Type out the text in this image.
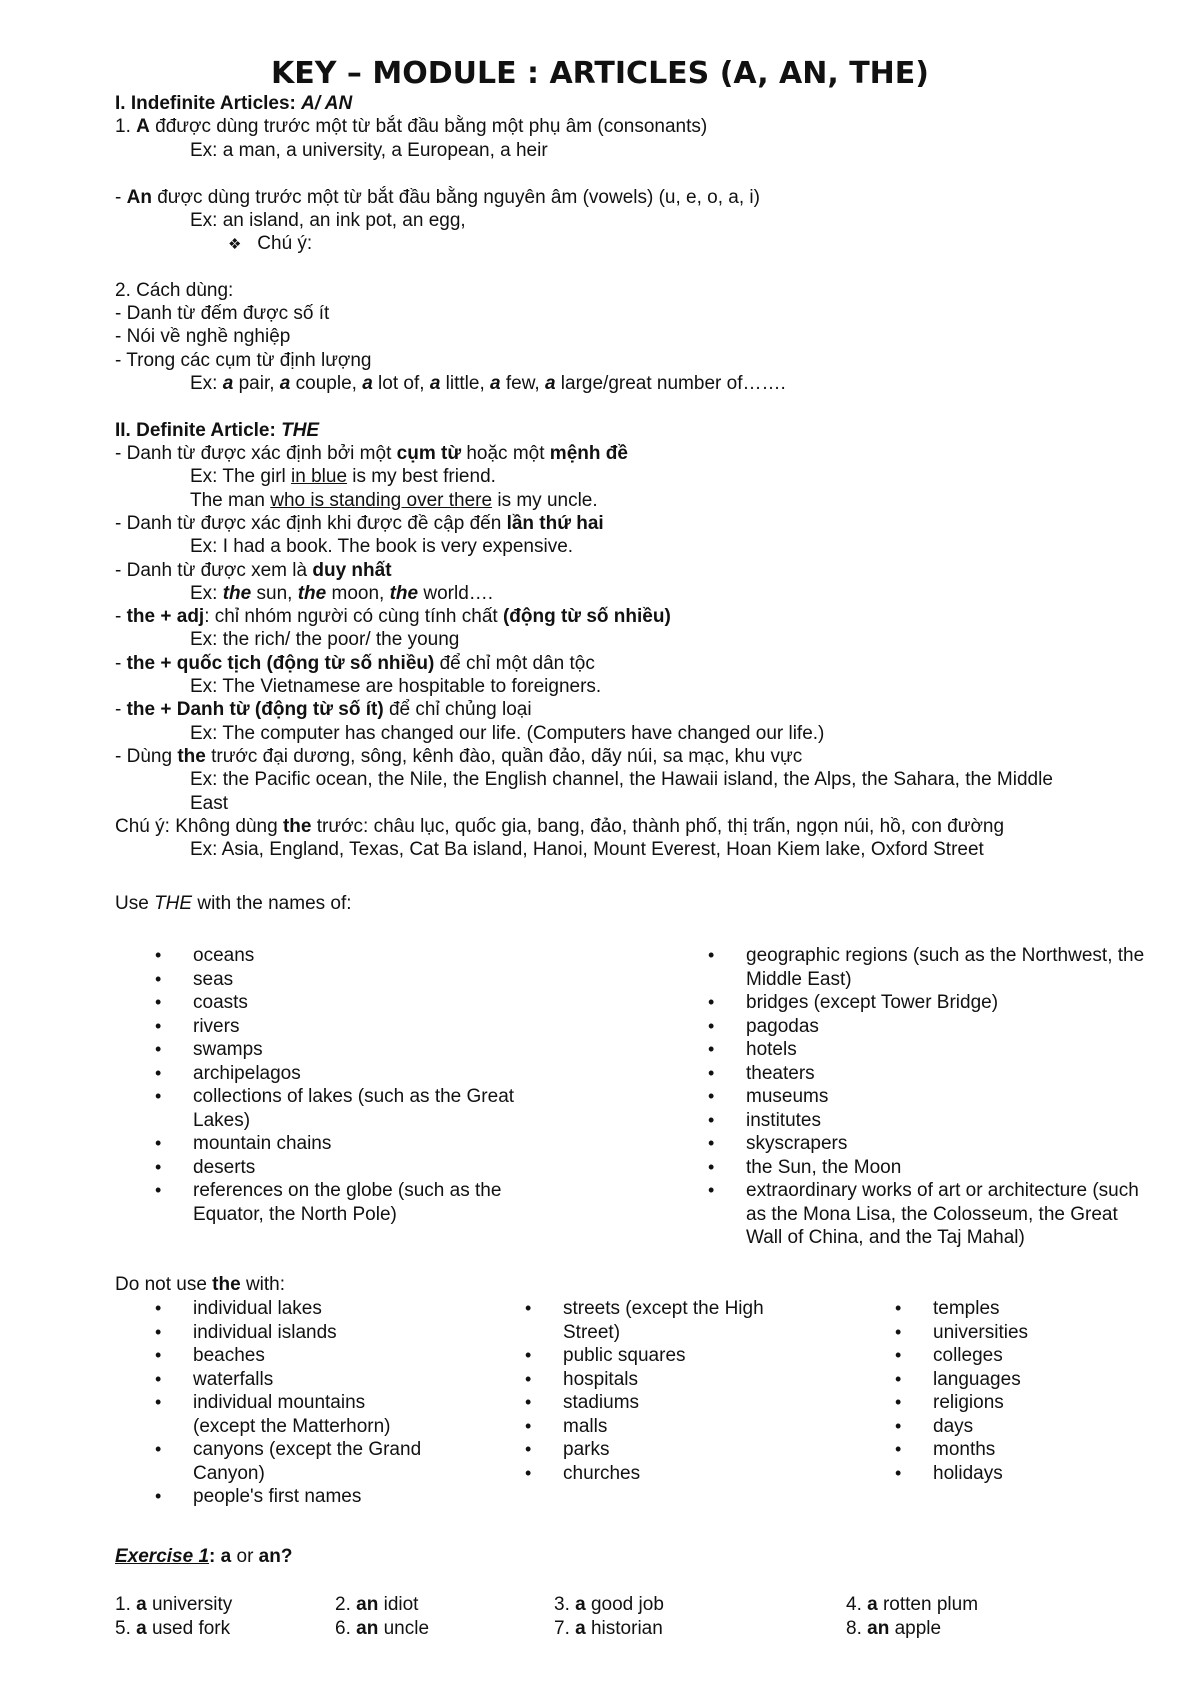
KEY – MODULE : ARTICLES (A, AN, THE)
I. Indefinite Articles: A/ AN
1. A đđược dùng trước một từ bắt đầu bằng một phụ âm (consonants)
Ex: a man, a university, a European, a heir
- An được dùng trước một từ bắt đầu bằng nguyên âm (vowels) (u, e, o, a, i)
Ex: an island, an ink pot, an egg,
❖ Chú ý:
2. Cách dùng:
- Danh từ đếm được số ít
- Nói về nghề nghiệp
- Trong các cụm từ định lượng
Ex: a pair, a couple, a lot of, a little, a few, a large/great number of…….
II. Definite Article: THE
- Danh từ được xác định bởi một cụm từ hoặc một mệnh đề
Ex: The girl in blue is my best friend.
The man who is standing over there is my uncle.
- Danh từ được xác định khi được đề cập đến lần thứ hai
Ex: I had a book. The book is very expensive.
- Danh từ được xem là duy nhất
Ex: the sun, the moon, the world….
- the + adj: chỉ nhóm người có cùng tính chất (động từ số nhiều)
Ex: the rich/ the poor/ the young
- the + quốc tịch (động từ số nhiều) để chỉ một dân tộc
Ex: The Vietnamese are hospitable to foreigners.
- the + Danh từ (động từ số ít) để chỉ chủng loại
Ex: The computer has changed our life. (Computers have changed our life.)
- Dùng the trước đại dương, sông, kênh đào, quần đảo, dãy núi, sa mạc, khu vực
Ex: the Pacific ocean, the Nile, the English channel, the Hawaii island, the Alps, the Sahara, the Middle
East
Chú ý: Không dùng the trước: châu lục, quốc gia, bang, đảo, thành phố, thị trấn, ngọn núi, hồ, con đường
Ex: Asia, England, Texas, Cat Ba island, Hanoi, Mount Everest, Hoan Kiem lake, Oxford Street
Use THE with the names of:
• oceans
• seas
• coasts
• rivers
• swamps
• archipelagos
• collections of lakes (such as the Great Lakes)
• mountain chains
• deserts
• references on the globe (such as the Equator, the North Pole)
• geographic regions (such as the Northwest, the Middle East)
• bridges (except Tower Bridge)
• pagodas
• hotels
• theaters
• museums
• institutes
• skyscrapers
• the Sun, the Moon
• extraordinary works of art or architecture (such as the Mona Lisa, the Colosseum, the Great Wall of China, and the Taj Mahal)
Do not use the with:
• individual lakes
• individual islands
• beaches
• waterfalls
• individual mountains (except the Matterhorn)
• canyons (except the Grand Canyon)
• people's first names
• streets (except the High Street)
• public squares
• hospitals
• stadiums
• malls
• parks
• churches
• temples
• universities
• colleges
• languages
• religions
• days
• months
• holidays
Exercise 1: a or an?
1. a university	2. an idiot	3. a good job	4. a rotten plum
5. a used fork	6. an uncle	7. a historian	8. an apple
